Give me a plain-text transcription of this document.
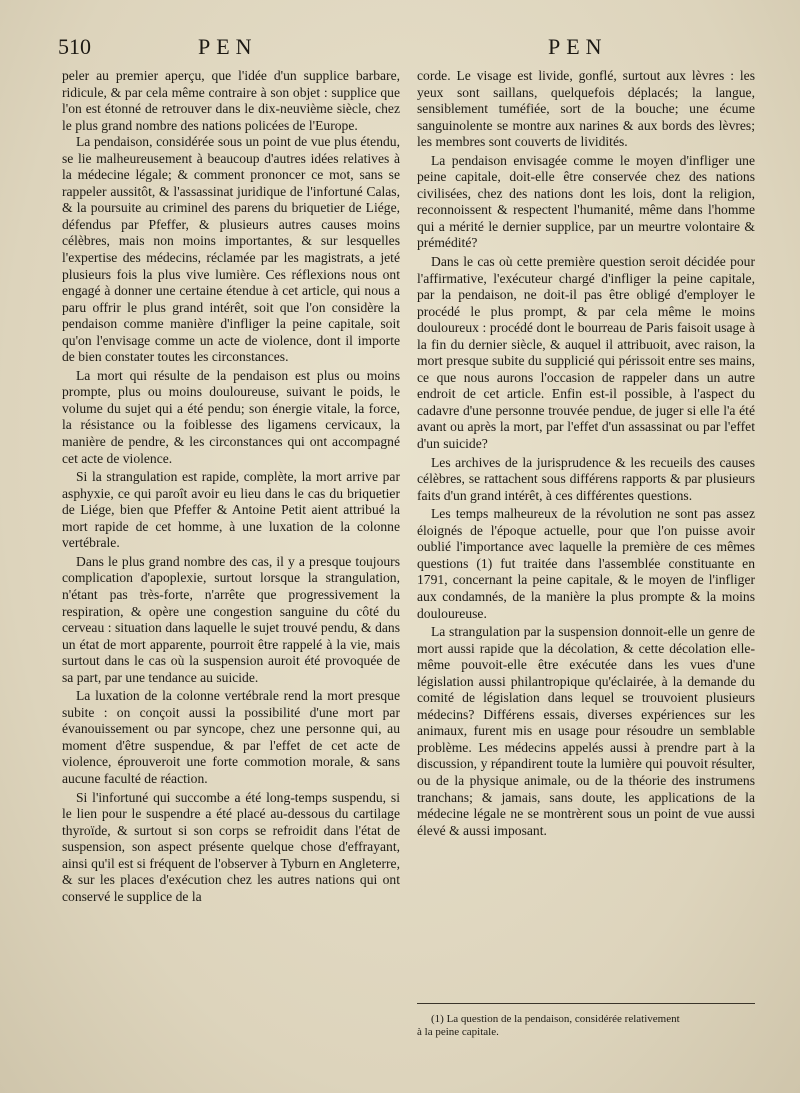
510	PEN	PEN

peler au premier aperçu, que l'idée d'un supplice barbare, ridicule, & par cela même contraire à son objet : supplice que l'on est étonné de retrouver dans le dix-neuvième siècle, chez le plus grand nombre des nations policées de l'Europe.

La pendaison, considérée sous un point de vue plus étendu, se lie malheureusement à beaucoup d'autres idées relatives à la médecine légale; & comment prononcer ce mot, sans se rappeler aussitôt, & l'assassinat juridique de l'infortuné Calas, & la poursuite au criminel des parens du briquetier de Liége, défendus par Pfeffer, & plusieurs autres causes moins célèbres, mais non moins importantes, & sur lesquelles l'expertise des médecins, réclamée par les magistrats, a jeté plusieurs fois la plus vive lumière. Ces réflexions nous ont engagé à donner une certaine étendue à cet article, qui nous a paru offrir le plus grand intérêt, soit que l'on considère la pendaison comme manière d'infliger la peine capitale, soit qu'on l'envisage comme un acte de violence, dont il importe de bien constater toutes les circonstances.

La mort qui résulte de la pendaison est plus ou moins prompte, plus ou moins douloureuse, suivant le poids, le volume du sujet qui a été pendu; son énergie vitale, la force, la résistance ou la foiblesse des ligamens cervicaux, la manière de pendre, & les circonstances qui ont accompagné cet acte de violence.

Si la strangulation est rapide, complète, la mort arrive par asphyxie, ce qui paroît avoir eu lieu dans le cas du briquetier de Liége, bien que Pfeffer & Antoine Petit aient attribué la mort rapide de cet homme, à une luxation de la colonne vertébrale.

Dans le plus grand nombre des cas, il y a presque toujours complication d'apoplexie, surtout lorsque la strangulation, n'étant pas très-forte, n'arrête que progressivement la respiration, & opère une congestion sanguine du côté du cerveau : situation dans laquelle le sujet trouvé pendu, & dans un état de mort apparente, pourroit être rappelé à la vie, mais surtout dans le cas où la suspension auroit été provoquée de sa part, par une tendance au suicide.

La luxation de la colonne vertébrale rend la mort presque subite : on conçoit aussi la possibilité d'une mort par évanouissement ou par syncope, chez une personne qui, au moment d'être suspendue, & par l'effet de cet acte de violence, éprouveroit une forte commotion morale, & sans aucune faculté de réaction.

Si l'infortuné qui succombe a été long-temps suspendu, si le lien pour le suspendre a été placé au-dessous du cartilage thyroïde, & surtout si son corps se refroidit dans l'état de suspension, son aspect présente quelque chose d'effrayant, ainsi qu'il est si fréquent de l'observer à Tyburn en Angleterre, & sur les places d'exécution chez les autres nations qui ont conservé le supplice de la

corde. Le visage est livide, gonflé, surtout aux lèvres : les yeux sont saillans, quelquefois déplacés; la langue, sensiblement tuméfiée, sort de la bouche; une écume sanguinolente se montre aux narines & aux bords des lèvres; les membres sont couverts de lividités.

La pendaison envisagée comme le moyen d'infliger une peine capitale, doit-elle être conservée chez des nations civilisées, chez des nations dont les lois, dont la religion, reconnoissent & respectent l'humanité, même dans l'homme qui a mérité le dernier supplice, par un meurtre volontaire & prémédité?

Dans le cas où cette première question seroit décidée pour l'affirmative, l'exécuteur chargé d'infliger la peine capitale, par la pendaison, ne doit-il pas être obligé d'employer le procédé le plus prompt, & par cela même le moins douloureux : procédé dont le bourreau de Paris faisoit usage à la fin du dernier siècle, & auquel il attribuoit, avec raison, la mort presque subite du supplicié qui périssoit entre ses mains, ce que nous aurons l'occasion de rappeler dans un autre endroit de cet article. Enfin est-il possible, à l'aspect du cadavre d'une personne trouvée pendue, de juger si elle l'a été avant ou après la mort, par l'effet d'un assassinat ou par l'effet d'un suicide?

Les archives de la jurisprudence & les recueils des causes célèbres, se rattachent sous différens rapports & par plusieurs faits d'un grand intérêt, à ces différentes questions.

Les temps malheureux de la révolution ne sont pas assez éloignés de l'époque actuelle, pour que l'on puisse avoir oublié l'importance avec laquelle la première de ces mêmes questions (1) fut traitée dans l'assemblée constituante en 1791, concernant la peine capitale, & le moyen de l'infliger aux condamnés, de la manière la plus prompte & la moins douloureuse.

La strangulation par la suspension donnoit-elle un genre de mort aussi rapide que la décolation, & cette décolation elle-même pouvoit-elle être exécutée dans les vues d'une législation aussi philantropique qu'éclairée, à la demande du comité de législation dans lequel se trouvoient plusieurs médecins? Différens essais, diverses expériences sur les animaux, furent mis en usage pour résoudre un semblable problème. Les médecins appelés aussi à prendre part à la discussion, y répandirent toute la lumière qui pouvoit résulter, ou de la physique animale, ou de la théorie des instrumens tranchans; & jamais, sans doute, les applications de la médecine légale ne se montrèrent sous un point de vue aussi élevé & aussi imposant.

(1) La question de la pendaison, considérée relativement
à la peine capitale.
